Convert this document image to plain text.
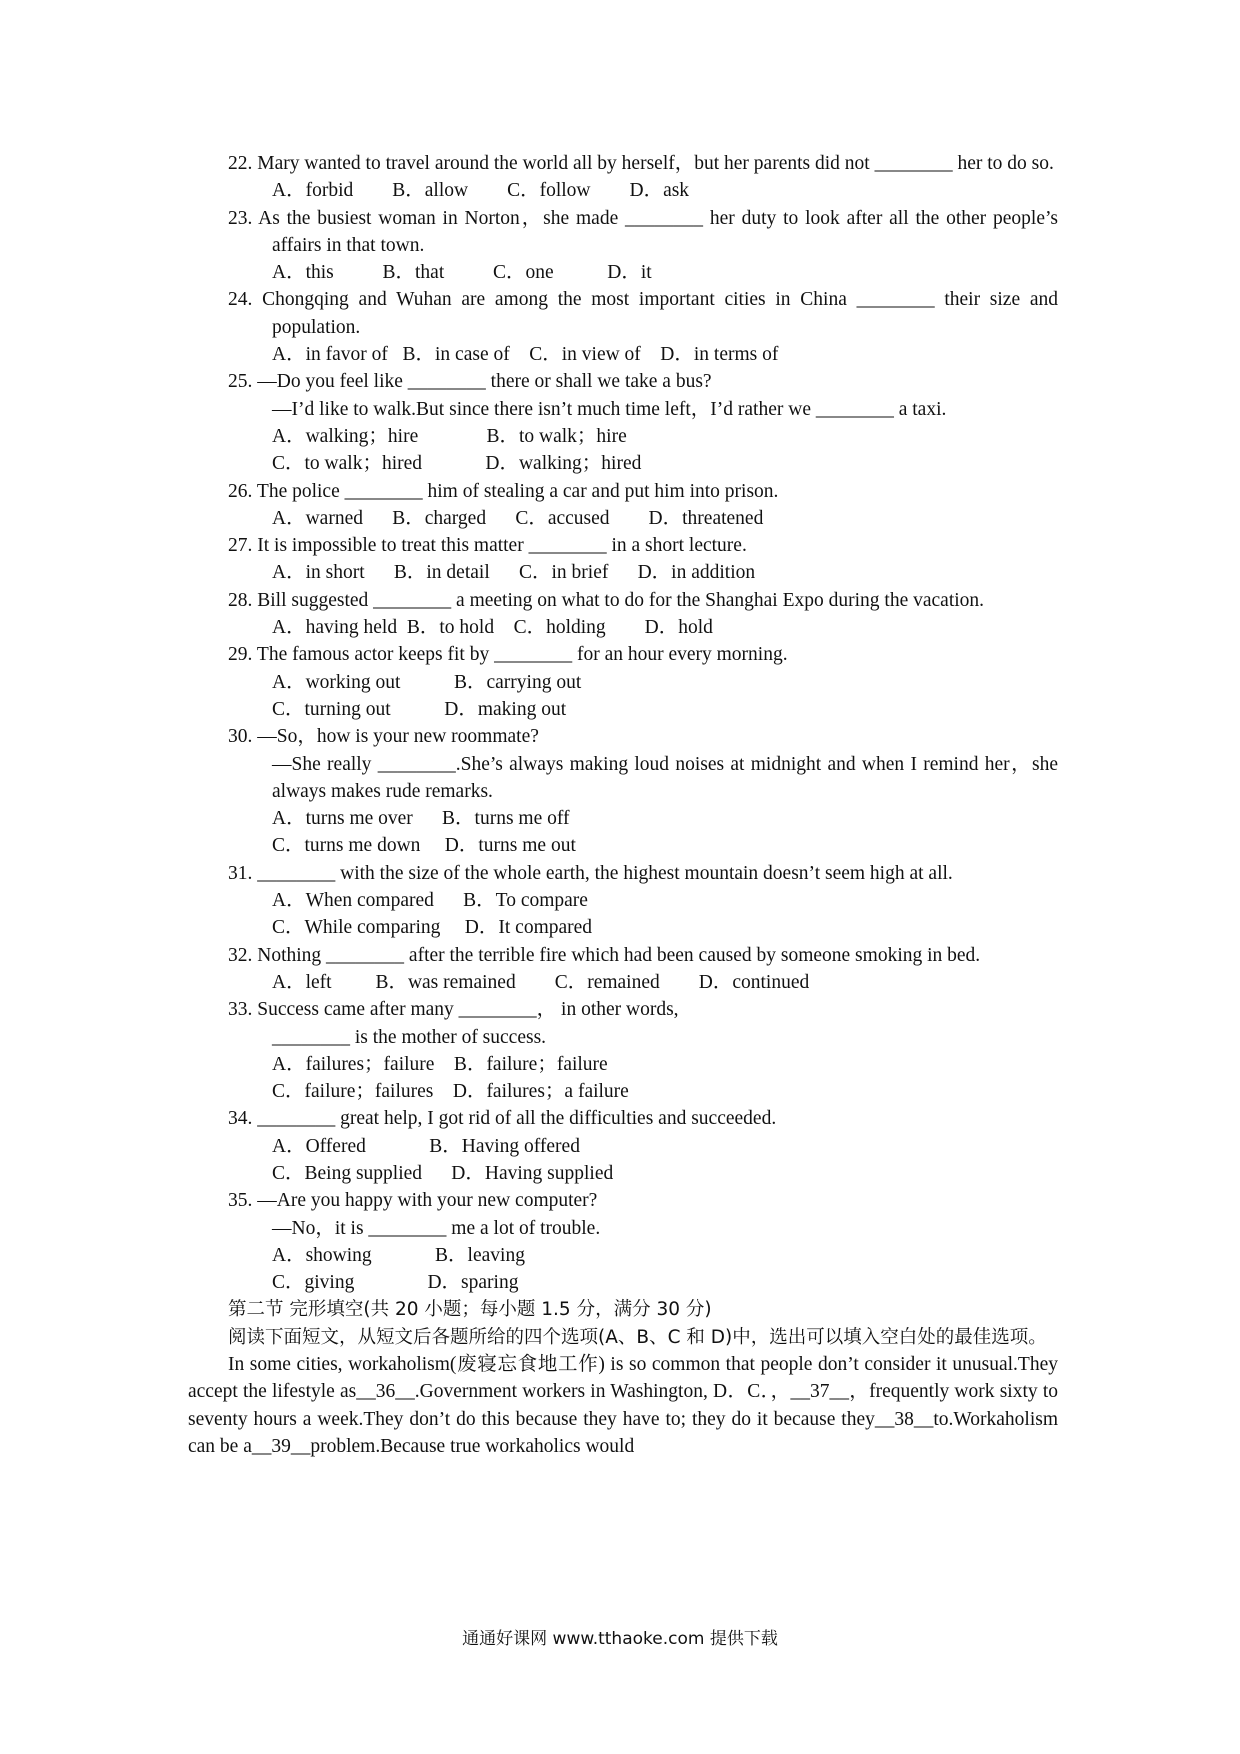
22. Mary wanted to travel around the world all by herself，but her parents did not ________ her to do so.
A．forbid        B．allow        C．follow        D．ask
23. As the busiest woman in Norton，she made ________ her duty to look after all the other people’s affairs in that town.
A．this          B．that          C．one           D．it
24. Chongqing and Wuhan are among the most important cities in China ________ their size and population.
A．in favor of   B．in case of    C．in view of    D．in terms of
25. —Do you feel like ________ there or shall we take a bus?
—I’d like to walk.But since there isn’t much time left，I’d rather we ________ a taxi.
A．walking；hire              B．to walk；hire
C．to walk；hired             D．walking；hired
26. The police ________ him of stealing a car and put him into prison.
A．warned      B．charged      C．accused        D．threatened
27. It is impossible to treat this matter ________ in a short lecture.
A．in short      B．in detail      C．in brief      D．in addition
28. Bill suggested ________ a meeting on what to do for the Shanghai Expo during the vacation.
A．having held  B．to hold    C．holding        D．hold
29. The famous actor keeps fit by ________ for an hour every morning.
A．working out           B．carrying out
C．turning out           D．making out
30. —So，how is your new roommate?
—She really ________.She’s always making loud noises at midnight and when I remind her，she always makes rude remarks.
A．turns me over      B．turns me off
C．turns me down     D．turns me out
31. ________ with the size of the whole earth, the highest mountain doesn’t seem high at all.
A．When compared      B．To compare
C．While comparing     D．It compared
32. Nothing ________ after the terrible fire which had been caused by someone smoking in bed.
A．left         B．was remained        C．remained        D．continued
33. Success came after many ________， in other words,
________ is the mother of success.
A．failures；failure    B．failure；failure
C．failure；failures    D．failures；a failure
34. ________ great help, I got rid of all the difficulties and succeeded.
A．Offered             B．Having offered
C．Being supplied      D．Having supplied
35. —Are you happy with your new computer?
—No，it is ________ me a lot of trouble.
A．showing             B．leaving
C．giving               D．sparing
第二节 完形填空(共 20 小题；每小题 1.5 分，满分 30 分)
阅读下面短文，从短文后各题所给的四个选项(A、B、C 和 D)中，选出可以填入空白处的最佳选项。
In some cities, workaholism(废寝忘食地工作) is so common that people don’t consider it unusual.They accept the lifestyle as__36__.Government workers in Washington, D．C．，__37__，frequently work sixty to seventy hours a week.They don’t do this because they have to; they do it because they__38__to.Workaholism can be a__39__problem.Because true workaholics would
通通好课网 www.tthaoke.com 提供下载
